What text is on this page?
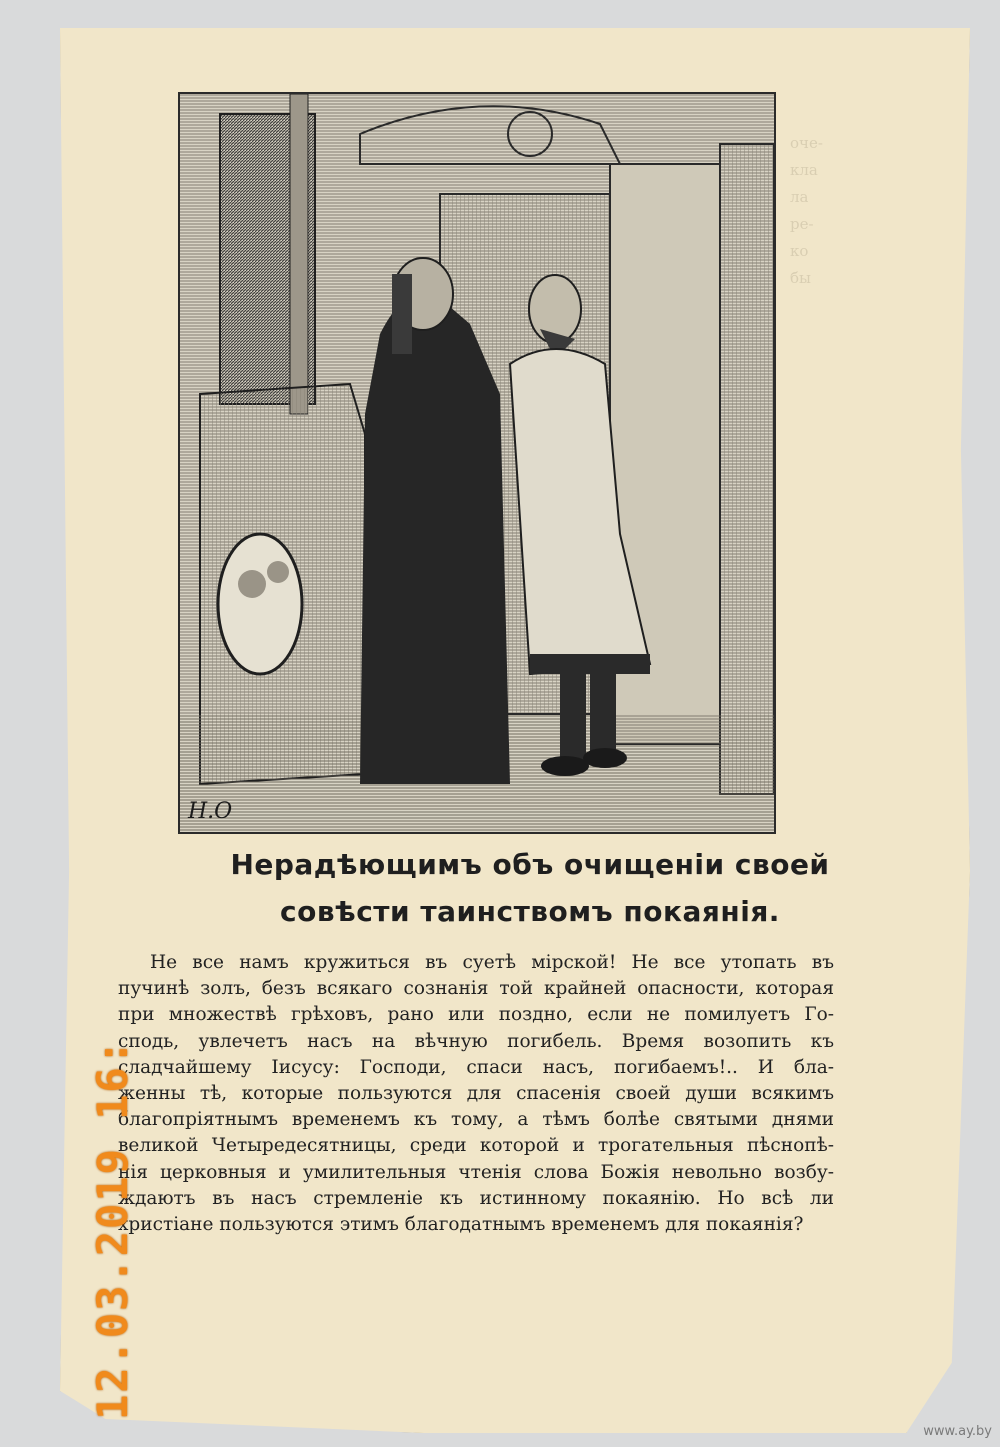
оче-
кла
ла
ре-
ко
бы

Н.О
Нерадѣющимъ объ очищеніи своей
совѣсти таинствомъ покаянія.
Не все намъ кружиться въ суетѣ мірской! Не все утопать въ
пучинѣ золъ, безъ всякаго сознанія той крайней опасности, которая
при множествѣ грѣховъ, рано или поздно, если не помилуетъ Го-
сподь, увлечетъ насъ на вѣчную погибель. Время возопить къ
сладчайшему Іисусу: Господи, спаси насъ, погибаемъ!.. И бла-
женны тѣ, которые пользуются для спасенія своей души всякимъ
благопріятнымъ временемъ къ тому, а тѣмъ болѣе святыми днями
великой Четыредесятницы, среди которой и трогательныя пѣснопѣ-
нія церковныя и умилительныя чтенія слова Божія невольно возбу-
ждаютъ въ насъ стремленіе къ истинному покаянію. Но всѣ ли
христіане пользуются этимъ благодатнымъ временемъ для покаянія?
12.03.2019 16:
www.ay.by
